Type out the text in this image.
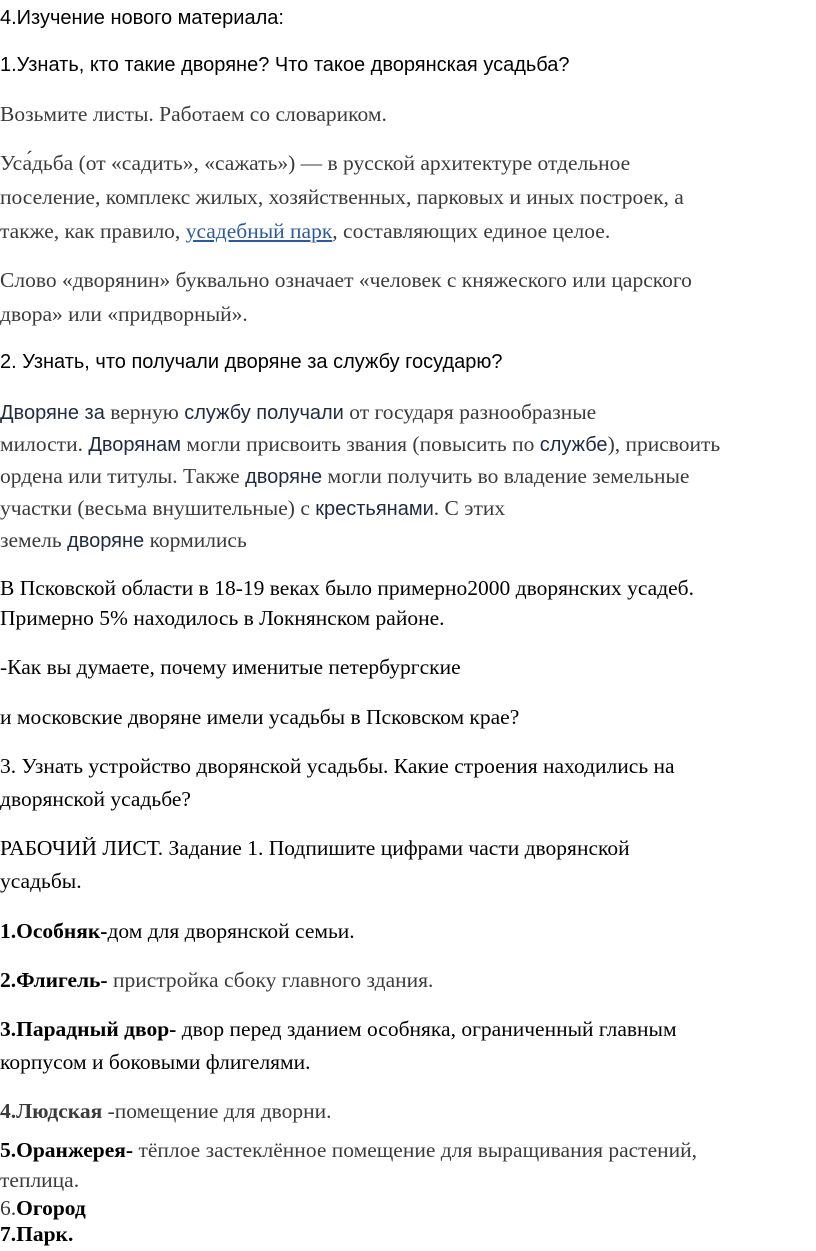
4.Изучение нового материала:
1.Узнать, кто такие дворяне? Что такое дворянская усадьба?
Возьмите листы. Работаем со словариком.
Уса́дьба (от «садить», «сажать») — в русской архитектуре отдельное
поселение, комплекс жилых, хозяйственных, парковых и иных построек, а
также, как правило, усадебный парк, составляющих единое целое.
Слово «дворянин» буквально означает «человек с княжеского или царского
двора» или «придворный».
2. Узнать, что получали дворяне за службу государю?
Дворяне за верную службу получали от государя разнообразные
милости. Дворянам могли присвоить звания (повысить по службе), присвоить
ордена или титулы. Также дворяне могли получить во владение земельные
участки (весьма внушительные) с крестьянами. С этих
земель дворяне кормились
В Псковской области в 18-19 веках было примерно2000 дворянских усадеб.
Примерно 5% находилось в Локнянском районе.
-Как вы думаете, почему именитые петербургские
и московские дворяне имели усадьбы в Псковском крае?
3. Узнать устройство дворянской усадьбы. Какие строения находились на
дворянской усадьбе?
РАБОЧИЙ ЛИСТ. Задание 1. Подпишите цифрами части дворянской
усадьбы.
1.Особняк-дом для дворянской семьи.
2.Флигель- пристройка сбоку главного здания.
3.Парадный двор- двор перед зданием особняка, ограниченный главным
корпусом и боковыми флигелями.
4.Людская -помещение для дворни.
5.Оранжерея- тёплое застеклённое помещение для выращивания растений,
теплица.
6.Огород
7.Парк.
